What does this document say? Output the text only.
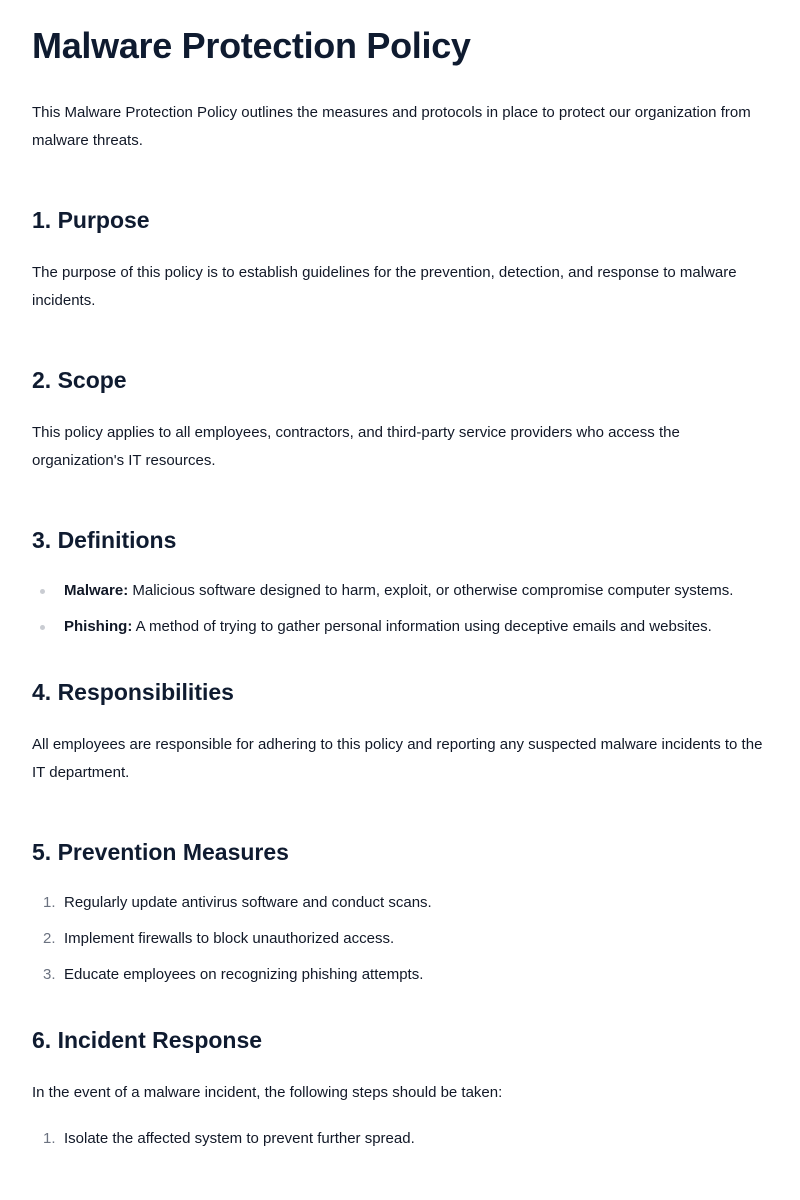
Malware Protection Policy

This Malware Protection Policy outlines the measures and protocols in place to protect our organization from malware threats.

1. Purpose

The purpose of this policy is to establish guidelines for the prevention, detection, and response to malware incidents.

2. Scope

This policy applies to all employees, contractors, and third-party service providers who access the organization's IT resources.

3. Definitions
Malware: Malicious software designed to harm, exploit, or otherwise compromise computer systems.
Phishing: A method of trying to gather personal information using deceptive emails and websites.
4. Responsibilities

All employees are responsible for adhering to this policy and reporting any suspected malware incidents to the IT department.

5. Prevention Measures
1. Regularly update antivirus software and conduct scans.
2. Implement firewalls to block unauthorized access.
3. Educate employees on recognizing phishing attempts.
6. Incident Response

In the event of a malware incident, the following steps should be taken:

1. Isolate the affected system to prevent further spread.
